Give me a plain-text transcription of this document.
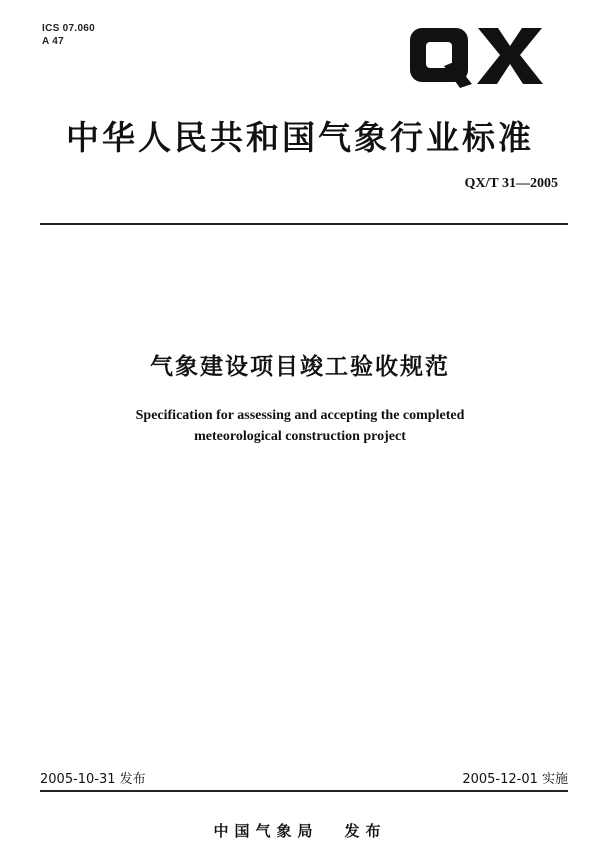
ICS 07.060
A 47
中华人民共和国气象行业标准
QX/T 31—2005
气象建设项目竣工验收规范
Specification for assessing and accepting the completed
meteorological construction project
2005-10-31 发布	2005-12-01 实施
中国气象局 发布
